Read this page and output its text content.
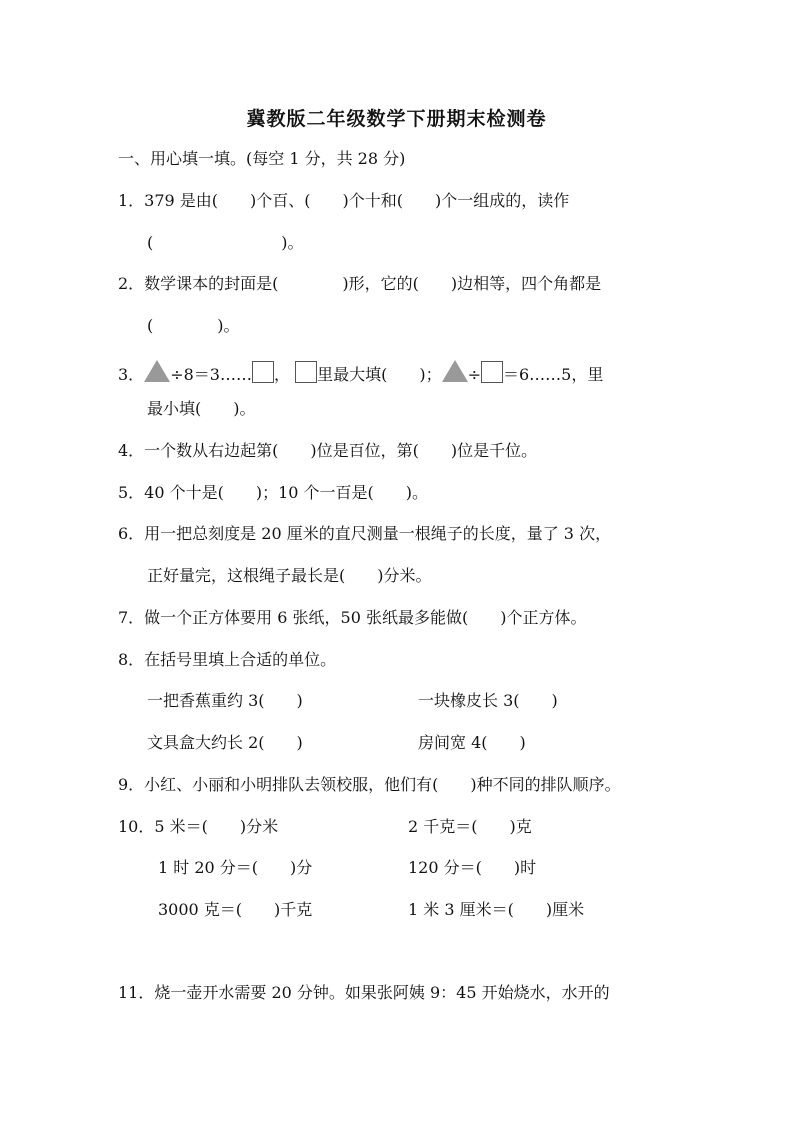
冀教版二年级数学下册期末检测卷
一、用心填一填。(每空 1 分，共 28 分)
1．379 是由(　　)个百、(　　)个十和(　　)个一组成的，读作
(　　　　　　　　)。
2．数学课本的封面是(　　　　)形，它的(　　)边相等，四个角都是
(　　　　)。
3． ÷8＝3…… ， 里最大填(　　)； ÷ ＝6……5，里
最小填(　　)。
4．一个数从右边起第(　　)位是百位，第(　　)位是千位。
5．40 个十是(　　)；10 个一百是(　　)。
6．用一把总刻度是 20 厘米的直尺测量一根绳子的长度，量了 3 次，
正好量完，这根绳子最长是(　　)分米。
7．做一个正方体要用 6 张纸，50 张纸最多能做(　　)个正方体。
8．在括号里填上合适的单位。
一把香蕉重约 3(　　)	一块橡皮长 3(　　)
文具盒大约长 2(　　)	房间宽 4(　　)
9．小红、小丽和小明排队去领校服，他们有(　　)种不同的排队顺序。
10．5 米＝(　　)分米	2 千克＝(　　)克
1 时 20 分＝(　　)分	120 分＝(　　)时
3000 克＝(　　)千克	1 米 3 厘米＝(　　)厘米
11．烧一壶开水需要 20 分钟。如果张阿姨 9：45 开始烧水，水开的
